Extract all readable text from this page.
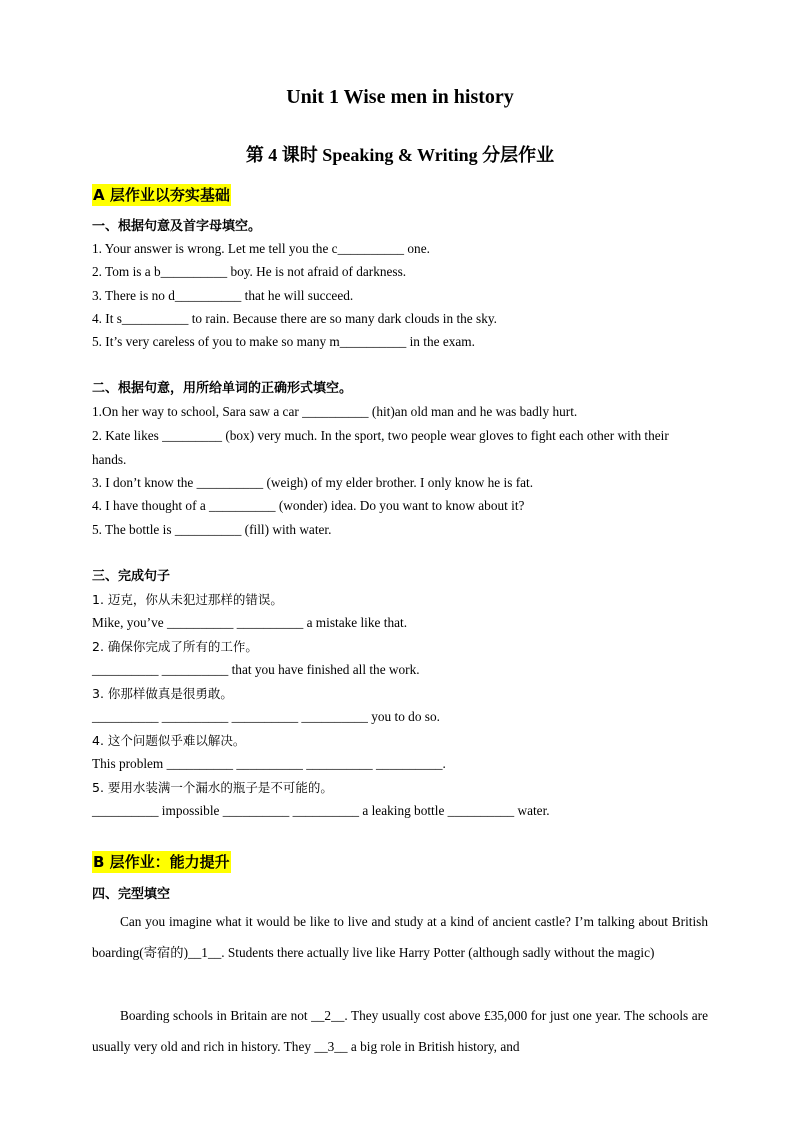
Unit 1 Wise men in history
第 4 课时 Speaking & Writing 分层作业
A 层作业以夯实基础
一、根据句意及首字母填空。
1. Your answer is wrong. Let me tell you the c__________ one.
2. Tom is a b__________ boy. He is not afraid of darkness.
3. There is no d__________ that he will succeed.
4. It s__________ to rain. Because there are so many dark clouds in the sky.
5. It’s very careless of you to make so many m__________ in the exam.
二、根据句意，用所给单词的正确形式填空。
1.On her way to school, Sara saw a car __________ (hit)an old man and he was badly hurt.
2. Kate likes _________ (box) very much. In the sport, two people wear gloves to fight each other with their
hands.
3. I don’t know the __________ (weigh) of my elder brother. I only know he is fat.
4. I have thought of a __________ (wonder) idea. Do you want to know about it?
5. The bottle is __________ (fill) with water.
三、完成句子
1. 迈克，你从未犯过那样的错误。
Mike, you’ve __________ __________ a mistake like that.
2. 确保你完成了所有的工作。
__________ __________ that you have finished all the work.
3. 你那样做真是很勇敢。
__________ __________ __________ __________ you to do so.
4. 这个问题似乎难以解决。
This problem __________ __________ __________ __________.
5. 要用水装满一个漏水的瓶子是不可能的。
__________ impossible __________ __________ a leaking bottle __________ water.
B 层作业：能力提升
四、完型填空
Can you imagine what it would be like to live and study at a kind of ancient castle? I’m talking about British boarding(寄宿的)__1__. Students there actually live like Harry Potter (although sadly without the magic)
Boarding schools in Britain are not __2__. They usually cost above £35,000 for just one year. The schools are usually very old and rich in history. They __3__ a big role in British history, and
